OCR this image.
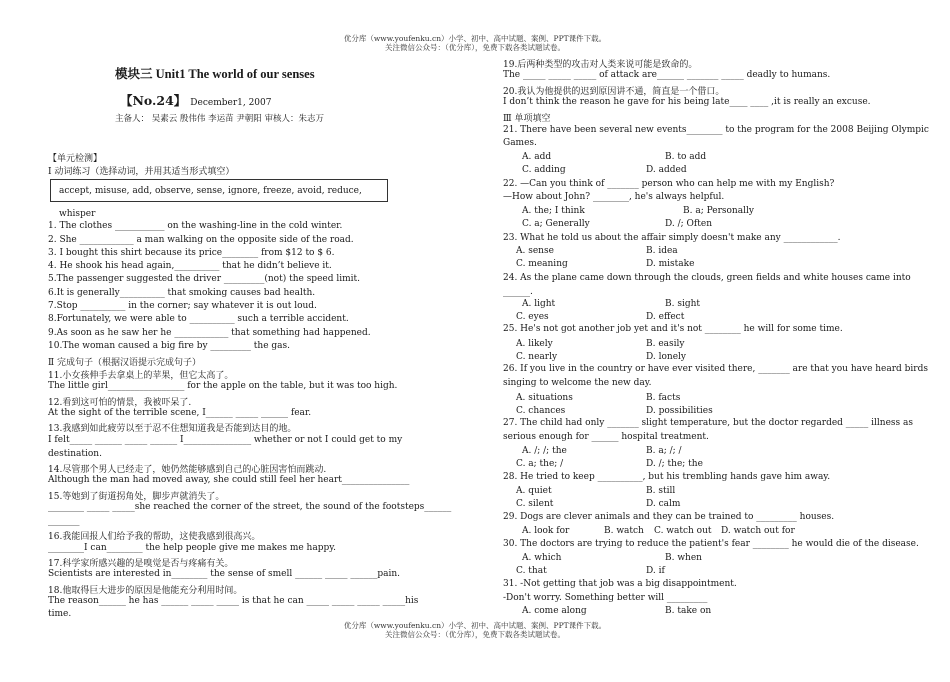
优分库（www.youfenku.cn）小学、初中、高中试题、案例、PPT课件下载。
关注微信公众号：（优分库），免费下载各类试题试卷。
模块三 Unit1 The world of our senses
【No.24】 December1, 2007
主备人： 吴素云 殷伟伟 李运苗 尹朝阳 审核人：朱志万
【单元检测】
I 动词练习（选择动词，并用其适当形式填空）
accept, misuse, add, observe, sense, ignore, freeze, avoid, reduce, whisper
1. The clothes ___________ on the washing-line in the cold winter.
2. She ____________ a man walking on the opposite side of the road.
3. I bought this shirt because its price________ from $12 to $ 6.
4. He shook his head again,__________ that he didn’t believe it.
5.The passenger suggested the driver _________(not) the speed limit.
6.It is generally__________ that smoking causes bad health.
7.Stop __________ in the corner; say whatever it is out loud.
8.Fortunately, we were able to __________ such a terrible accident.
9.As soon as he saw her he ____________ that something had happened.
10.The woman caused a big fire by _________ the gas.
Ⅱ 完成句子（根据汉语提示完成句子）
11.小女孩伸手去拿桌上的苹果，但它太高了。
The little girl_________________ for the apple on the table, but it was too high.
12.看到这可怕的情景，我被吓呆了.
At the sight of the terrible scene, I______ _____ ______ fear.
13.我感到如此疲劳以至于忍不住想知道我是否能到达目的地。
I felt_____ ______ _____ ______ I_______________ whether or not I could get to my
destination.
14.尽管那个男人已经走了，她仍然能够感到自己的心脏因害怕而跳动.
Although the man had moved away, she could still feel her heart_______________
15.等她到了街道拐角处，脚步声就消失了。
________ _____ _____she reached the corner of the street, the sound of the footsteps______
_______
16.我能回报人们给予我的帮助，这使我感到很高兴。
________I can________ the help people give me makes me happy.
17.科学家所感兴趣的是嗅觉是否与疼痛有关。
Scientists are interested in________ the sense of smell ______ _____ ______pain.
18.他取得巨大进步的原因是他能充分利用时间。
The reason______ he has ______ _____ _____ is that he can _____ _____ _____ _____his
time.
19.后两种类型的攻击对人类来说可能是致命的。
The _____ _____ _____ of attack are______ _______ _____ deadly to humans.
20.我认为他提供的迟到原因讲不通，简直是一个借口。
I don’t think the reason he gave for his being late____ ____ ,it is really an excuse.
Ⅲ 单项填空
21. There have been several new events________ to the program for the 2008 Beijing Olympic
Games.
22. —Can you think of _______ person who can help me with my English?
—How about John? ________, he's always helpful.
23. What he told us about the affair simply doesn't make any ____________.
24. As the plane came down through the clouds, green fields and white houses came into
______.
25. He's not got another job yet and it's not ________ he will for some time.
26. If you live in the country or have ever visited there, _______ are that you have heard birds
singing to welcome the new day.
27. The child had only _______ slight temperature, but the doctor regarded _____ illness as
serious enough for ______ hospital treatment.
28. He tried to keep __________, but his trembling hands gave him away.
29. Dogs are clever animals and they can be trained to _________ houses.
30. The doctors are trying to reduce the patient's fear ________ he would die of the disease.
31. -Not getting that job was a big disappointment.
-Don't worry. Something better will _________
A. add	B. to add
C. adding	D. added
A. the; I think	B. a; Personally
C. a; Generally	D. /; Often
A. sense	B. idea
C. meaning	D. mistake
A. light	B. sight
C. eyes	D. effect
A. likely	B. easily
C. nearly	D. lonely
A. situations	B. facts
C. chances	D. possibilities
A. /; /; the	B. a; /; /
C. a; the; /	D. /; the; the
A. quiet	B. still
C. silent	D. calm
A. look for	B. watch C. watch out D. watch out for
A. which	B. when
C. that	D. if
A. come along	B. take on
优分库（www.youfenku.cn）小学、初中、高中试题、案例、PPT课件下载。
关注微信公众号：（优分库），免费下载各类试题试卷。
